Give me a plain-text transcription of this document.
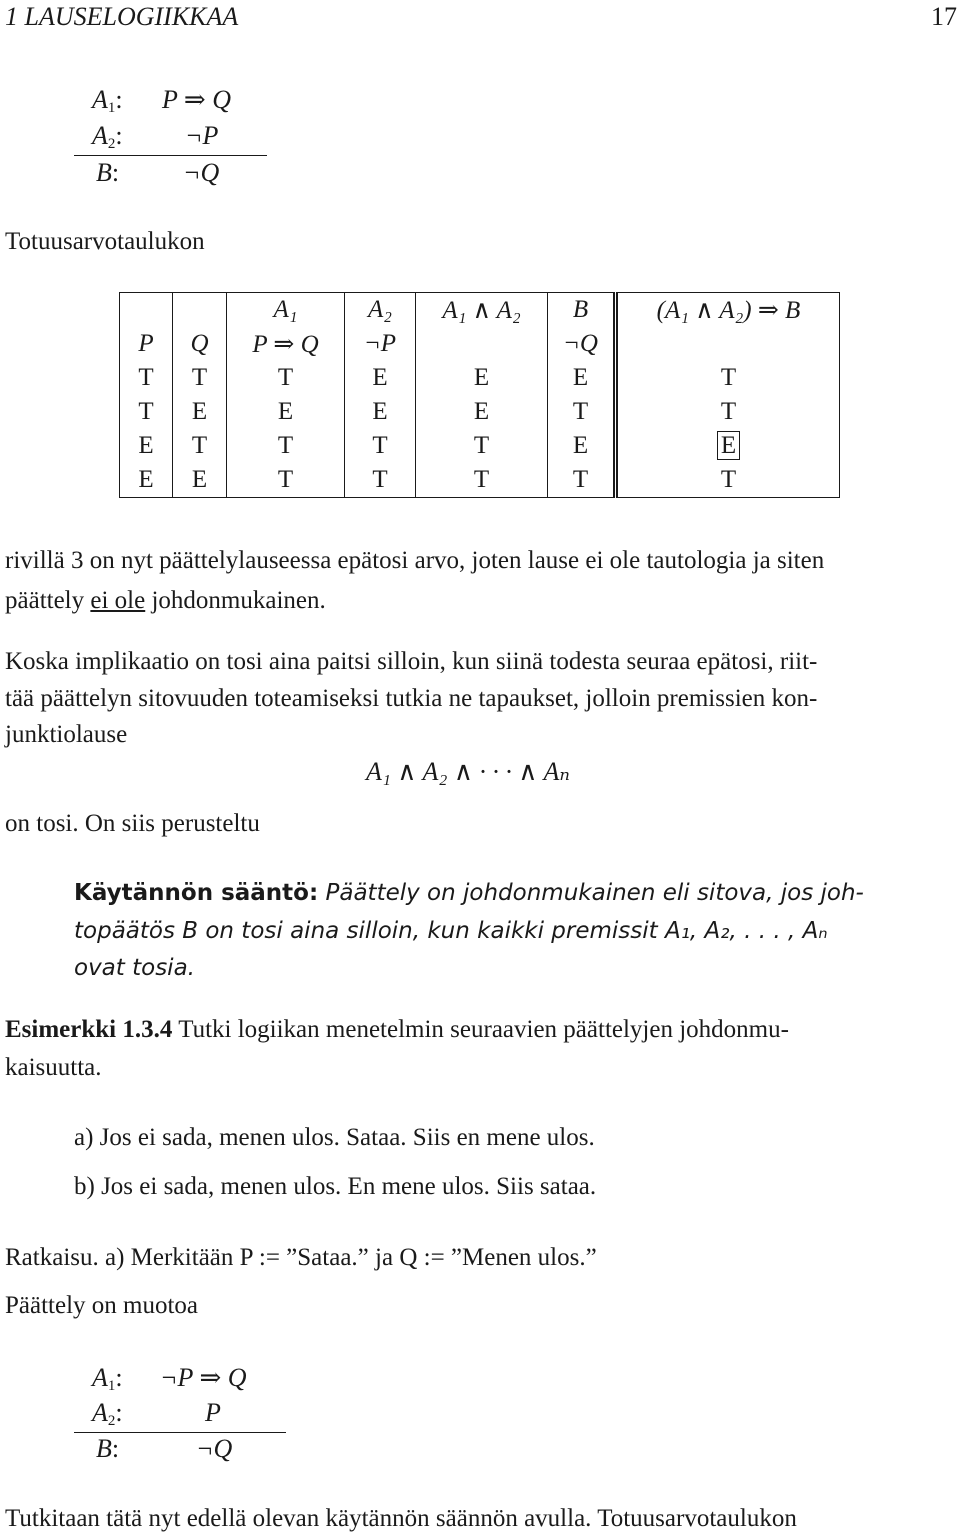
1 LAUSELOGIIKKAA	17
$A_1$: P ⇒ Q
$A_2$: ¬P
B: ¬Q
Totuusarvotaulukon
		A₁	A₂	A₁ ∧ A₂	B	(A₁ ∧ A₂) ⇒ B
P	Q	P ⇒ Q	¬P		¬Q	
T	T	T	E	E	E	T
T	E	E	E	E	T	T
E	T	T	T	T	E	E
E	E	T	T	T	T	T
rivillä 3 on nyt päättelylauseessa epätosi arvo, joten lause ei ole tautologia ja siten
päättely ei ole johdonmukainen.
Koska implikaatio on tosi aina paitsi silloin, kun siinä todesta seuraa epätosi, riit-
tää päättelyn sitovuuden toteamiseksi tutkia ne tapaukset, jolloin premissien kon-
junktiolause
A₁ ∧ A₂ ∧ · · · ∧ Aₙ
on tosi. On siis perusteltu
Käytännön sääntö: Päättely on johdonmukainen eli sitova, jos joh-
topäätös B on tosi aina silloin, kun kaikki premissit A₁, A₂, . . . , Aₙ
ovat tosia.
Esimerkki 1.3.4 Tutki logiikan menetelmin seuraavien päättelyjen johdonmu-
kaisuutta.
a) Jos ei sada, menen ulos. Sataa. Siis en mene ulos.
b) Jos ei sada, menen ulos. En mene ulos. Siis sataa.
Ratkaisu. a) Merkitään P := ”Sataa.” ja Q := ”Menen ulos.”
Päättely on muotoa
$A_1$: ¬P ⇒ Q
$A_2$:	P
B:	¬Q
Tutkitaan tätä nyt edellä olevan käytännön säännön avulla. Totuusarvotaulukon
